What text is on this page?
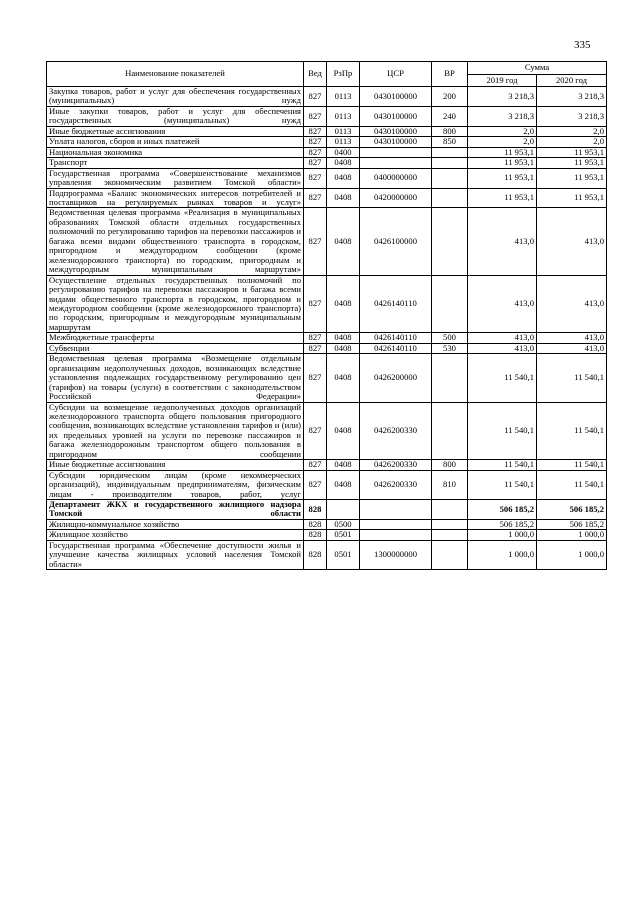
335
Наименование показателей	Вед	РзПр	ЦСР	ВР	Сумма	
					2019 год	2020 год
Закупка товаров, работ и услуг для обеспечения государственных (муниципальных) нужд	827	0113	0430100000	200	3 218,3	3 218,3
Иные закупки товаров, работ и услуг для обеспечения государственных (муниципальных) нужд	827	0113	0430100000	240	3 218,3	3 218,3
Иные бюджетные ассигнования	827	0113	0430100000	800	2,0	2,0
Уплата налогов, сборов и иных платежей	827	0113	0430100000	850	2,0	2,0
Национальная экономика	827	0400			11 953,1	11 953,1
Транспорт	827	0408			11 953,1	11 953,1
Государственная программа «Совершенствование механизмов управления экономическим развитием Томской области»	827	0408	0400000000		11 953,1	11 953,1
Подпрограмма «Баланс экономических интересов потребителей и поставщиков на регулируемых рынках товаров и услуг»	827	0408	0420000000		11 953,1	11 953,1
Ведомственная целевая программа «Реализация в муниципальных образованиях Томской области отдельных государственных полномочий по регулированию тарифов на перевозки пассажиров и багажа всеми видами общественного транспорта в городском, пригородном и междугородном сообщении (кроме железнодорожного транспорта) по городским, пригородным и междугородным муниципальным маршрутам»	827	0408	0426100000		413,0	413,0
Осуществление отдельных государственных полномочий по регулированию тарифов на перевозки пассажиров и багажа всеми видами общественного транспорта в городском, пригородном и междугородном сообщении (кроме железнодорожного транспорта) по городским, пригородным и междугородным муниципальным маршрутам	827	0408	0426140110		413,0	413,0
Межбюджетные трансферты	827	0408	0426140110	500	413,0	413,0
Субвенции	827	0408	0426140110	530	413,0	413,0
Ведомственная целевая программа «Возмещение отдельным организациям недополученных доходов, возникающих вследствие установления подлежащих государственному регулированию цен (тарифов) на товары (услуги) в соответствии с законодательством Российской Федерации»	827	0408	0426200000		11 540,1	11 540,1
Субсидии на возмещение недополученных доходов организаций железнодорожного транспорта общего пользования пригородного сообщения, возникающих вследствие установления тарифов и (или) их предельных уровней на услуги по перевозке пассажиров и багажа железнодорожным транспортом общего пользования в пригородном сообщении	827	0408	0426200330		11 540,1	11 540,1
Иные бюджетные ассигнования	827	0408	0426200330	800	11 540,1	11 540,1
Субсидии юридическим лицам (кроме некоммерческих организаций), индивидуальным предпринимателям, физическим лицам - производителям товаров, работ, услуг	827	0408	0426200330	810	11 540,1	11 540,1
Департамент ЖКХ и государственного жилищного надзора Томской области	828				506 185,2	506 185,2
Жилищно-коммунальное хозяйство	828	0500			506 185,2	506 185,2
Жилищное хозяйство	828	0501			1 000,0	1 000,0
Государственная программа «Обеспечение доступности жилья и улучшение качества жилищных условий населения Томской области»	828	0501	1300000000		1 000,0	1 000,0
